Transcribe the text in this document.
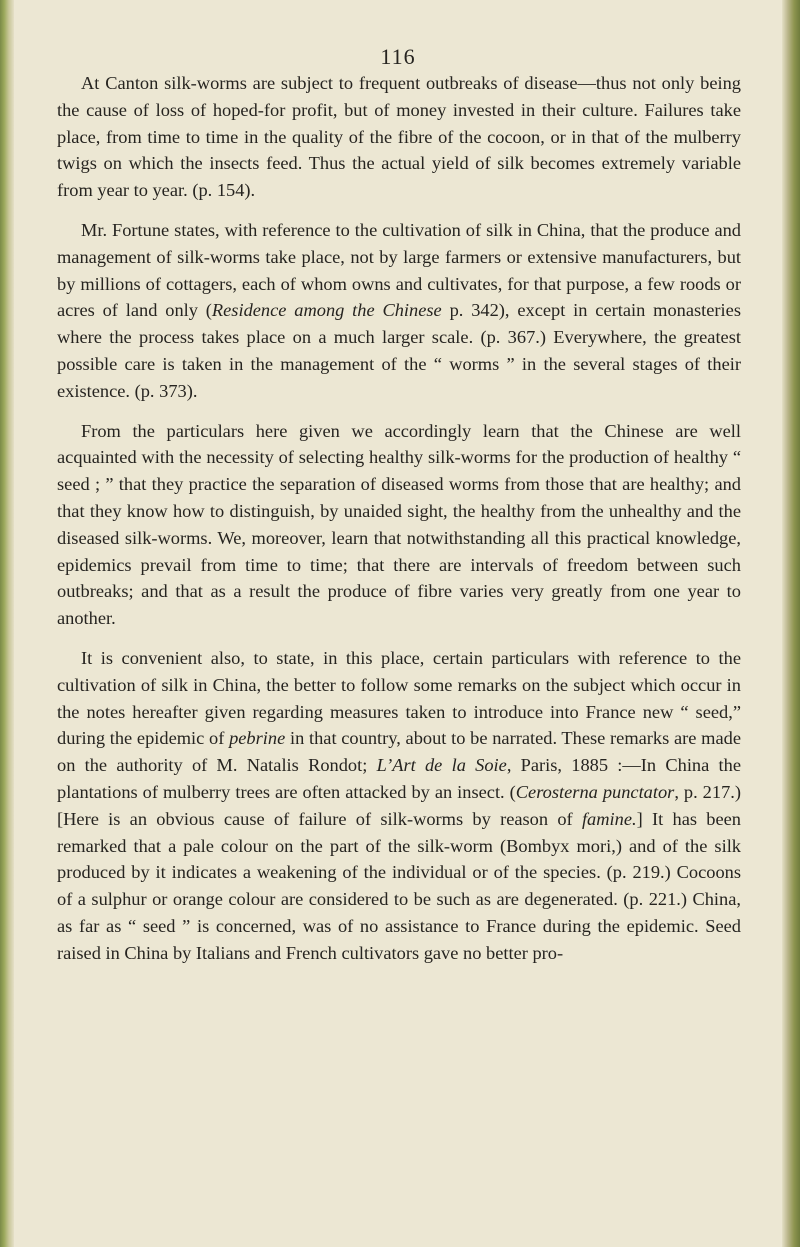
116

At Canton silk-worms are subject to frequent outbreaks of disease—thus not only being the cause of loss of hoped-for profit, but of money invested in their culture. Failures take place, from time to time in the quality of the fibre of the cocoon, or in that of the mulberry twigs on which the insects feed. Thus the actual yield of silk becomes extremely variable from year to year. (p. 154).

Mr. Fortune states, with reference to the cultivation of silk in China, that the produce and management of silk-worms take place, not by large farmers or extensive manufacturers, but by millions of cottagers, each of whom owns and cultivates, for that purpose, a few roods or acres of land only (Residence among the Chinese p. 342), except in certain monasteries where the process takes place on a much larger scale. (p. 367.) Everywhere, the greatest possible care is taken in the management of the “ worms ” in the several stages of their existence. (p. 373).

From the particulars here given we accordingly learn that the Chinese are well acquainted with the necessity of selecting healthy silk-worms for the production of healthy “ seed ; ” that they practice the separation of diseased worms from those that are healthy; and that they know how to distinguish, by unaided sight, the healthy from the unhealthy and the diseased silk-worms. We, moreover, learn that notwithstanding all this practical knowledge, epidemics prevail from time to time; that there are intervals of freedom between such outbreaks; and that as a result the produce of fibre varies very greatly from one year to another.

It is convenient also, to state, in this place, certain particulars with reference to the cultivation of silk in China, the better to follow some remarks on the subject which occur in the notes hereafter given regarding measures taken to introduce into France new “ seed,” during the epidemic of pebrine in that country, about to be narrated. These remarks are made on the authority of M. Natalis Rondot; L’Art de la Soie, Paris, 1885 :—In China the plantations of mulberry trees are often attacked by an insect. (Cerosterna punctator, p. 217.) [Here is an obvious cause of failure of silk-worms by reason of famine.] It has been remarked that a pale colour on the part of the silk-worm (Bombyx mori,) and of the silk produced by it indicates a weakening of the individual or of the species. (p. 219.) Cocoons of a sulphur or orange colour are considered to be such as are degenerated. (p. 221.) China, as far as “ seed ” is concerned, was of no assistance to France during the epidemic. Seed raised in China by Italians and French cultivators gave no better pro-
